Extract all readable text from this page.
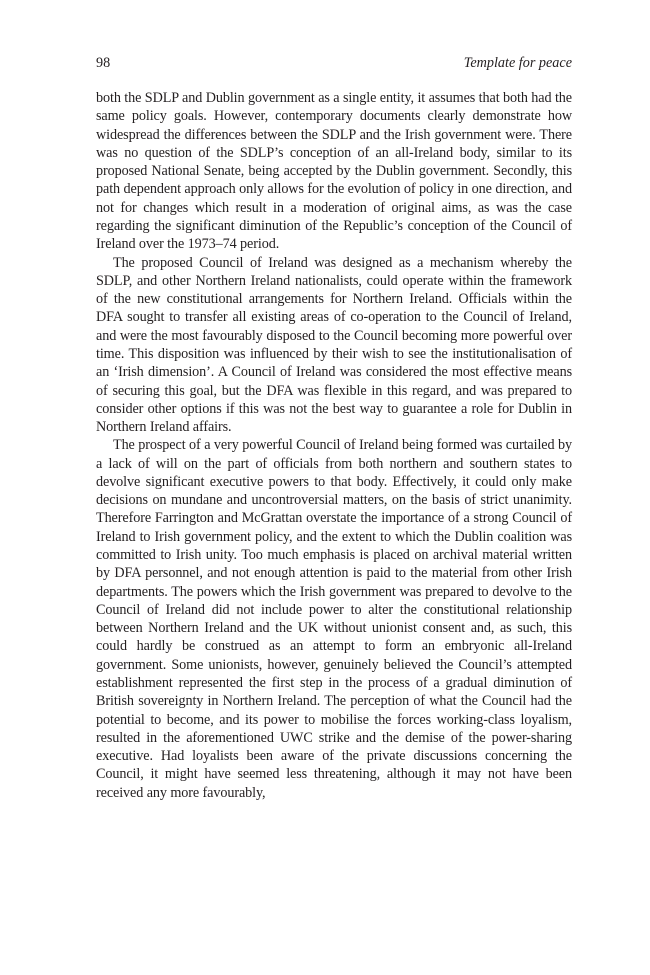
98	Template for peace

both the SDLP and Dublin government as a single entity, it assumes that both had the same policy goals. However, contemporary documents clearly demonstrate how widespread the differences between the SDLP and the Irish government were. There was no question of the SDLP’s conception of an all-Ireland body, similar to its proposed National Senate, being accepted by the Dublin government. Secondly, this path dependent approach only allows for the evolution of policy in one direction, and not for changes which result in a moderation of original aims, as was the case regarding the significant diminution of the Republic’s conception of the Council of Ireland over the 1973–74 period.

The proposed Council of Ireland was designed as a mechanism whereby the SDLP, and other Northern Ireland nationalists, could operate within the framework of the new constitutional arrangements for Northern Ireland. Officials within the DFA sought to transfer all existing areas of co-operation to the Council of Ireland, and were the most favourably disposed to the Council becoming more powerful over time. This disposition was influenced by their wish to see the institutionalisation of an ‘Irish dimension’. A Council of Ireland was considered the most effective means of securing this goal, but the DFA was flexible in this regard, and was prepared to consider other options if this was not the best way to guarantee a role for Dublin in Northern Ireland affairs.

The prospect of a very powerful Council of Ireland being formed was curtailed by a lack of will on the part of officials from both northern and southern states to devolve significant executive powers to that body. Effectively, it could only make decisions on mundane and uncontroversial matters, on the basis of strict unanimity. Therefore Farrington and McGrattan overstate the importance of a strong Council of Ireland to Irish government policy, and the extent to which the Dublin coalition was committed to Irish unity. Too much emphasis is placed on archival material written by DFA personnel, and not enough attention is paid to the material from other Irish departments. The powers which the Irish government was prepared to devolve to the Council of Ireland did not include power to alter the constitutional relationship between Northern Ireland and the UK without unionist consent and, as such, this could hardly be construed as an attempt to form an embryonic all-Ireland government. Some unionists, however, genuinely believed the Council’s attempted establishment represented the first step in the process of a gradual diminution of British sovereignty in Northern Ireland. The perception of what the Council had the potential to become, and its power to mobilise the forces working-class loyalism, resulted in the aforementioned UWC strike and the demise of the power-sharing executive. Had loyalists been aware of the private discussions concerning the Council, it might have seemed less threatening, although it may not have been received any more favourably,
